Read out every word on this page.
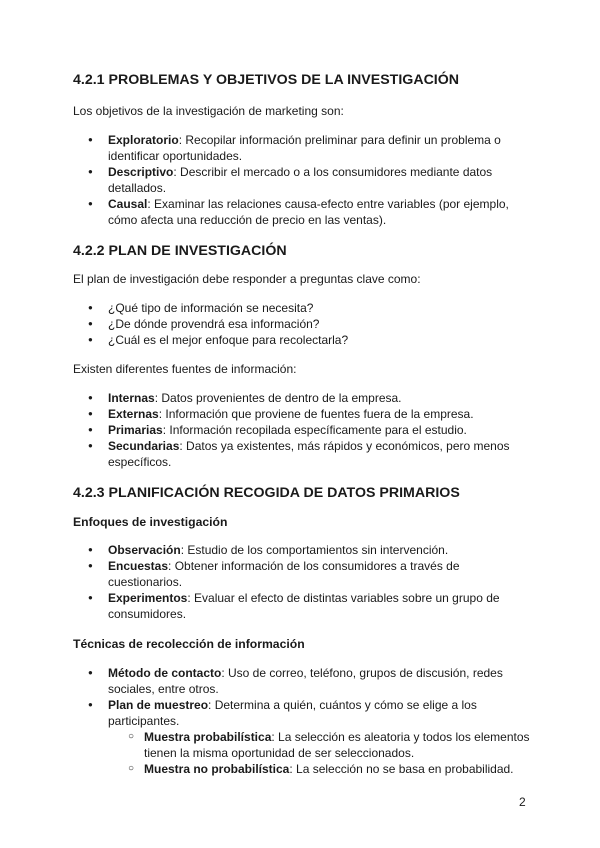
4.2.1 PROBLEMAS Y OBJETIVOS DE LA INVESTIGACIÓN

Los objetivos de la investigación de marketing son:

● Exploratorio: Recopilar información preliminar para definir un problema o identificar oportunidades.
● Descriptivo: Describir el mercado o a los consumidores mediante datos detallados.
● Causal: Examinar las relaciones causa-efecto entre variables (por ejemplo, cómo afecta una reducción de precio en las ventas).
4.2.2 PLAN DE INVESTIGACIÓN

El plan de investigación debe responder a preguntas clave como:

● ¿Qué tipo de información se necesita?
● ¿De dónde provendrá esa información?
● ¿Cuál es el mejor enfoque para recolectarla?

Existen diferentes fuentes de información:

● Internas: Datos provenientes de dentro de la empresa.
● Externas: Información que proviene de fuentes fuera de la empresa.
● Primarias: Información recopilada específicamente para el estudio.
● Secundarias: Datos ya existentes, más rápidos y económicos, pero menos específicos.
4.2.3 PLANIFICACIÓN RECOGIDA DE DATOS PRIMARIOS
Enfoques de investigación
● Observación: Estudio de los comportamientos sin intervención.
● Encuestas: Obtener información de los consumidores a través de cuestionarios.
● Experimentos: Evaluar el efecto de distintas variables sobre un grupo de consumidores.
Técnicas de recolección de información
● Método de contacto: Uso de correo, teléfono, grupos de discusión, redes sociales, entre otros.
● Plan de muestreo: Determina a quién, cuántos y cómo se elige a los participantes.
○ Muestra probabilística: La selección es aleatoria y todos los elementos tienen la misma oportunidad de ser seleccionados.
○ Muestra no probabilística: La selección no se basa en probabilidad.
2
